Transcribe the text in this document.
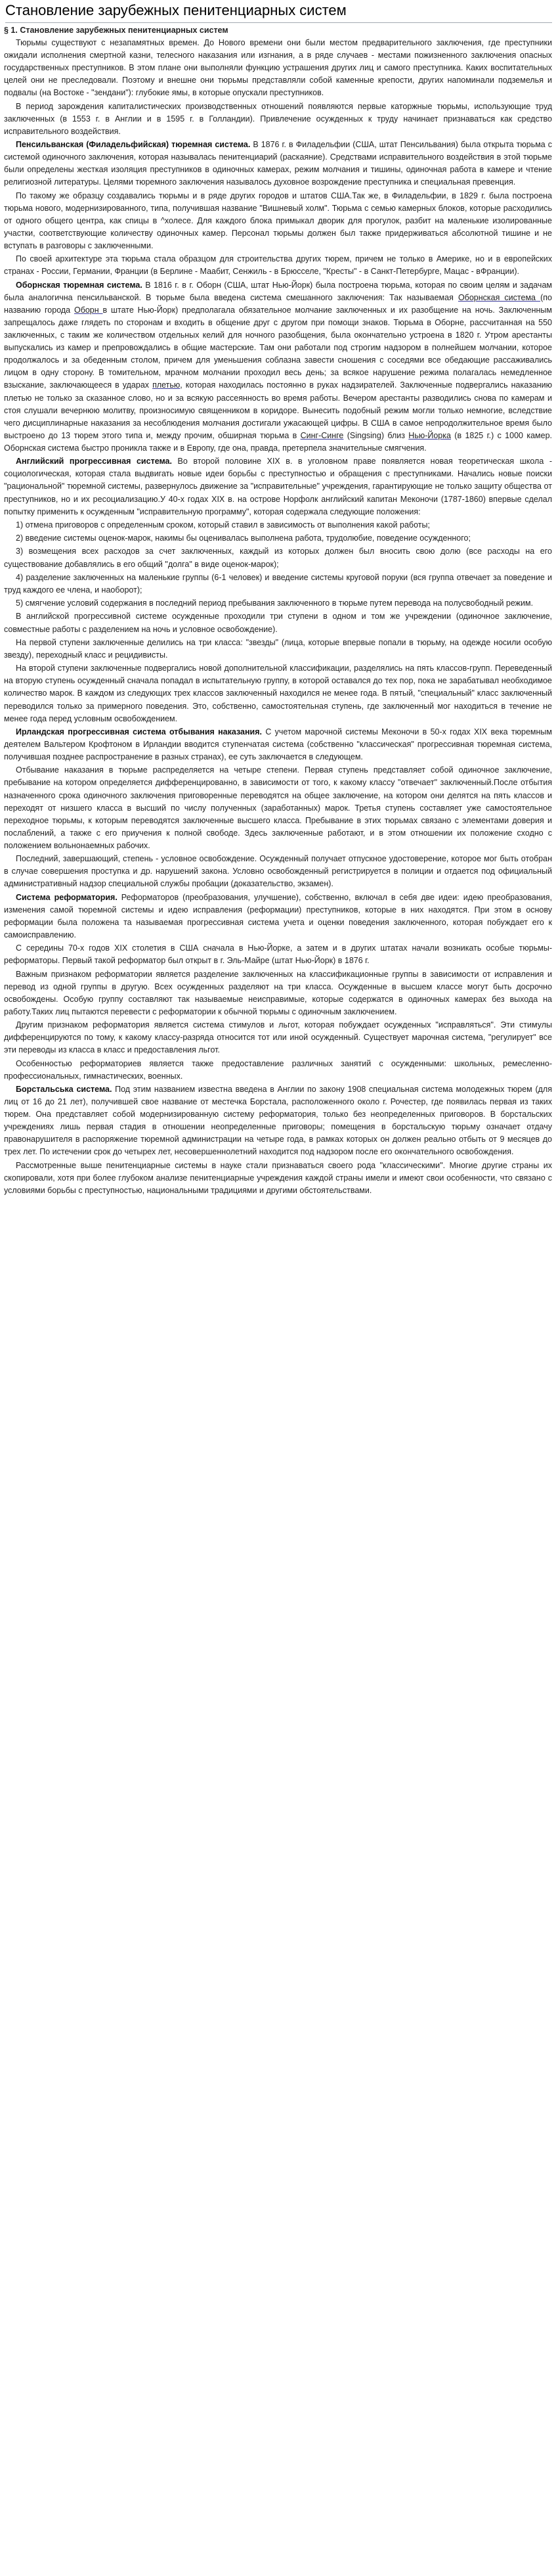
Становление зарубежных пенитенциарных систем
§ 1. Становление зарубежных пенитенциарных систем

Тюрьмы существуют с незапамятных времен. До Нового времени они были местом предварительного заключения, где преступники ожидали исполнения смертной казни, телесного наказания или изгнания, а в ряде случаев - местами пожизненного заключения опасных государственных преступников. В этом плане они выполняли функцию устрашения других лиц и самого преступника. Каких воспитательных целей они не преследовали. Поэтому и внешне они тюрьмы представляли собой каменные крепости, других напоминали подземелья и подвалы (на Востоке - "зендани"): глубокие ямы, в которые опускали преступников.

В период зарождения капиталистических производственных отношений появляются первые каторжные тюрьмы, использующие труд заключенных (в 1553 г. в Англии и в 1595 г. в Голландии). Привлечение осужденных к труду начинает признаваться как средство исправительного воздействия.

Пенсильванская (Филадельфийская) тюремная система. В 1876 г. в Филадельфии (США, штат Пенсильвания) была открыта тюрьма с системой одиночного заключения, которая называлась пенитенциарий (раскаяние). Средствами исправительного воздействия в этой тюрьме были определены жесткая изоляция преступников в одиночных камерах, режим молчания и тишины, одиночная работа в камере и чтение религиозной литературы. Целями тюремного заключения называлось духовное возрождение преступника и специальная превенция.

По такому же образцу создавались тюрьмы и в ряде других городов и штатов США.Так же, в Филадельфии, в 1829 г. была построена тюрьма нового, модернизированного, типа, получившая название "Вишневый холм". Тюрьма с семью камерных блоков, которые расходились от одного общего центра, как спицы в ^холесе. Для каждого блока примыкал дворик для прогулок, разбит на маленькие изолированные участки, соответствующие количеству одиночных камер. Персонал тюрьмы должен был также придерживаться абсолютной тишине и не вступать в разговоры с заключенными.

По своей архитектуре эта тюрьма стала образцом для строительства других тюрем, причем не только в Америке, но и в европейских странах - России, Германии, Франции (в Берлине - Маабит, Сенжиль - в Брюсселе, "Кресты" - в Санкт-Петербурге, Мацас - вФранции).

Оборнская тюремная система. В 1816 г. в г. Оборн (США, штат Нью-Йорк) была построена тюрьма, которая по своим целям и задачам была аналогична пенсильванской. В тюрьме была введена система смешанного заключения: Так называемая Оборнская система (по названию города Оборн в штате Нью-Йорк) предполагала обязательное молчание заключенных и их разобщение на ночь. Заключенным запрещалось даже глядеть по сторонам и входить в общение друг с другом при помощи знаков. Тюрьма в Оборне, рассчитанная на 550 заключенных, с таким же количеством отдельных келий для ночного разобщения, была окончательно устроена в 1820 г. Утром арестанты выпускались из камер и препровождались в общие мастерские. Там они работали под строгим надзором в полнейшем молчании, которое продолжалось и за обеденным столом, причем для уменьшения соблазна завести сношения с соседями все обедающие рассаживались лицом в одну сторону. В томительном, мрачном молчании проходил весь день; за всякое нарушение режима полагалась немедленное взыскание, заключающееся в ударах плетью, которая находилась постоянно в руках надзирателей. Заключенные подвергались наказанию плетью не только за сказанное слово, но и за всякую рассеянность во время работы. Вечером арестанты разводились снова по камерам и стоя слушали вечернюю молитву, произносимую священником в коридоре. Вынесить подобный режим могли только немногие, вследствие чего дисциплинарные наказания за несоблюдения молчания достигали ужасающей цифры. В США в самое непродолжительное время было выстроено до 13 тюрем этого типа и, между прочим, обширная тюрьма в Синг-Синге (Singsing) близ Нью-Йорка (в 1825 г.) с 1000 камер. Оборнская система быстро проникла также и в Европу, где она, правда, претерпела значительные смягчения.

Английский прогрессивная система. Во второй половине XIX в. в уголовном праве появляется новая теоретическая школа - социологическая, которая стала выдвигать новые идеи борьбы с преступностью и обращения с преступниками. Начались новые поиски "рациональной" тюремной системы, развернулось движение за "исправительные" учреждения, гарантирующие не только защиту общества от преступников, но и их ресоциализацию.У 40-х годах XIX в. на острове Норфолк английский капитан Меконочи (1787-1860) впервые сделал попытку применить к осужденным "исправительную программу", которая содержала следующие положения:

1) отмена приговоров с определенным сроком, который ставил в зависимость от выполнения какой работы;

2) введение системы оценок-марок, накимы бы оценивалась выполнена работа, трудолюбие, поведение осужденного;

3) возмещения всех расходов за счет заключенных, каждый из которых должен был вносить свою долю (все расходы на его существование добавлялись в его общий "долга" в виде оценок-марок);

4) разделение заключенных на маленькие группы (6-1 человек) и введение системы круговой поруки (вся группа отвечает за поведение и труд каждого ее члена, и наоборот);

5) смягчение условий содержания в последний период пребывания заключенного в тюрьме путем перевода на полусвободный режим.

В английской прогрессивной системе осужденные проходили три ступени в одном и том же учреждении (одиночное заключение, совместные работы с разделением на ночь и условное освобождение).

На первой ступени заключенные делились на три класса: "звезды" (лица, которые впервые попали в тюрьму, на одежде носили особую звезду), переходный класс и рецидивисты.

На второй ступени заключенные подвергались новой дополнительной классификации, разделялись на пять классов-групп. Переведенный на вторую ступень осужденный сначала попадал в испытательную группу, в которой оставался до тех пор, пока не зарабатывал необходимое количество марок. В каждом из следующих трех классов заключенный находился не менее года. В пятый, "специальный" класс заключенный переводился только за примерного поведения. Это, собственно, самостоятельная ступень, где заключенный мог находиться в течение не менее года перед условным освобождением.

Ирландская прогрессивная система отбывания наказания. С учетом марочной системы Меконочи в 50-х годах XIX века тюремным деятелем Вальтером Крофтоном в Ирландии вводится ступенчатая система (собственно "классическая" прогрессивная тюремная система, получившая позднее распространение в разных странах), ее суть заключается в следующем.

Отбывание наказания в тюрьме распределяется на четыре степени. Первая ступень представляет собой одиночное заключение, пребывание на котором определяется дифференцированно, в зависимости от того, к какому классу "отвечает" заключенный.После отбытия назначенного срока одиночного заключения приговоренные переводятся на общее заключение, на котором они делятся на пять классов и переходят от низшего класса в высший по числу полученных (заработанных) марок. Третья ступень составляет уже самостоятельное переходное тюрьмы, к которым переводятся заключенные высшего класса. Пребывание в этих тюрьмах связано с элементами доверия и послаблений, а также с его приучения к полной свободе. Здесь заключенные работают, и в этом отношении их положение сходно с положением вольнонаемных рабочих.

Последний, завершающий, степень - условное освобождение. Осужденный получает отпускное удостоверение, которое мог быть отобран в случае совершения проступка и др. нарушений закона. Условно освобожденный регистрируется в полиции и отдается под официальный административный надзор специальной службы пробации (доказательство, экзамен).

Система реформатория. Реформаторов (преобразования, улучшение), собственно, включал в себя две идеи: идею преобразования, изменения самой тюремной системы и идею исправления (реформации) преступников, которые в них находятся. При этом в основу реформации была положена та называемая прогрессивная система учета и оценки поведения заключенного, которая побуждает его к самоисправлению.

С середины 70-х годов XIX столетия в США сначала в Нью-Йорке, а затем и в других штатах начали возникать особые тюрьмы-реформаторы. Первый такой реформатор был открыт в г. Эль-Майре (штат Нью-Йорк) в 1876 г.

Важным признаком реформатории является разделение заключенных на классификационные группы в зависимости от исправления и перевод из одной группы в другую. Всех осужденных разделяют на три класса. Осужденные в высшем классе могут быть досрочно освобождены. Особую группу составляют так называемые неисправимые, которые содержатся в одиночных камерах без выхода на работу.Таких лиц пытаются перевести с реформатории к обычной тюрьмы с одиночным заключением.

Другим признаком реформатория является система стимулов и льгот, которая побуждает осужденных "исправляться". Эти стимулы дифференцируются по тому, к какому классу-разряда относится тот или иной осужденный. Существует марочная система, "регулирует" все эти переводы из класса в класс и предоставления льгот.

Особенностью реформаториев является также предоставление различных занятий с осужденными: школьных, ремесленно-профессиональных, гимнастических, военных.

Борстальська система. Под этим названием известна введена в Англии по закону 1908 специальная система молодежных тюрем (для лиц от 16 до 21 лет), получившей свое название от местечка Борстала, расположенного около г. Рочестер, где появилась первая из таких тюрем. Она представляет собой модернизированную систему реформатория, только без неопределенных приговоров. В борстальских учреждениях лишь первая стадия в отношении неопределенные приговоры; помещения в борстальскую тюрьму означает отдачу правонарушителя в распоряжение тюремной администрации на четыре года, в рамках которых он должен реально отбыть от 9 месяцев до трех лет. По истечении срок до четырех лет, несовершеннолетний находится под надзором после его окончательного освобождения.

Рассмотренные выше пенитенциарные системы в науке стали признаваться своего рода "классическими". Многие другие страны их скопировали, хотя при более глубоком анализе пенитенциарные учреждения каждой страны имели и имеют свои особенности, что связано с условиями борьбы с преступностью, национальными традициями и другими обстоятельствами.
